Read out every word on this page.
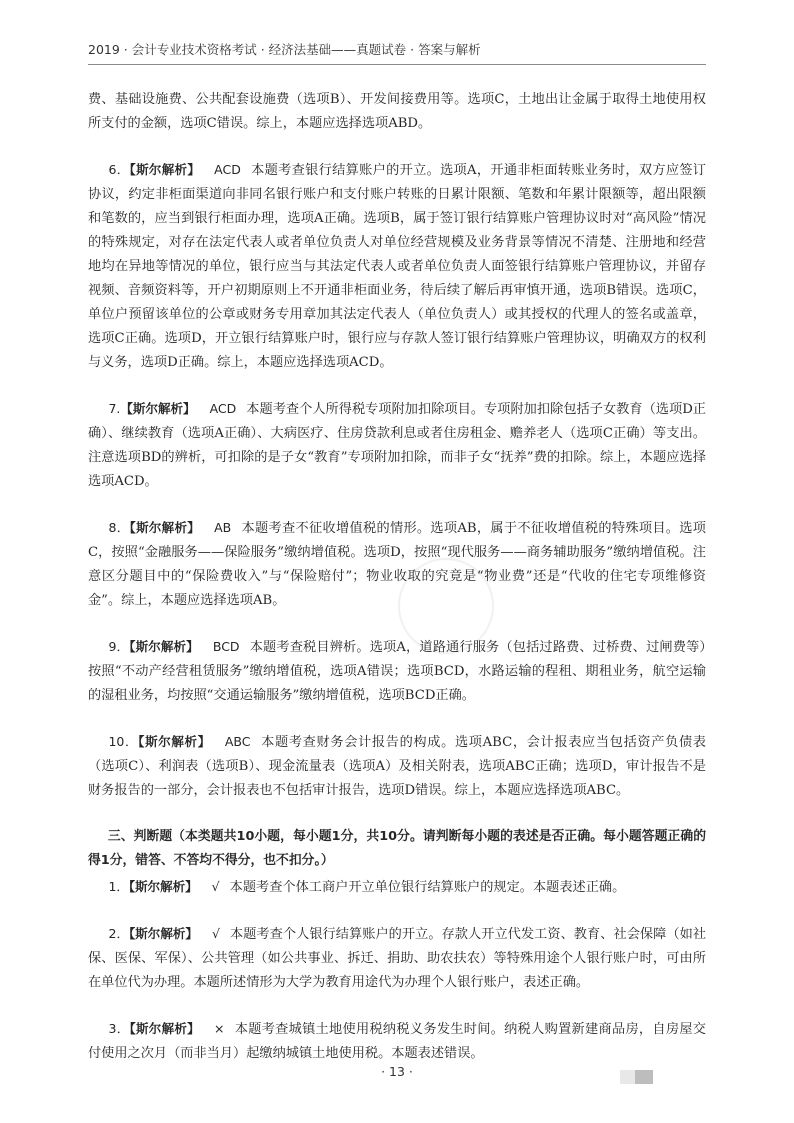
2019 · 会计专业技术资格考试 · 经济法基础——真题试卷 · 答案与解析

费、基础设施费、公共配套设施费（选项B）、开发间接费用等。选项C，土地出让金属于取得土地使用权所支付的金额，选项C错误。综上，本题应选择选项ABD。

6．【斯尔解析】 ACD 本题考查银行结算账户的开立。选项A，开通非柜面转账业务时，双方应签订协议，约定非柜面渠道向非同名银行账户和支付账户转账的日累计限额、笔数和年累计限额等，超出限额和笔数的，应当到银行柜面办理，选项A正确。选项B，属于签订银行结算账户管理协议时对“高风险”情况的特殊规定，对存在法定代表人或者单位负责人对单位经营规模及业务背景等情况不清楚、注册地和经营地均在异地等情况的单位，银行应当与其法定代表人或者单位负责人面签银行结算账户管理协议，并留存视频、音频资料等，开户初期原则上不开通非柜面业务，待后续了解后再审慎开通，选项B错误。选项C，单位户预留该单位的公章或财务专用章加其法定代表人（单位负责人）或其授权的代理人的签名或盖章，选项C正确。选项D，开立银行结算账户时，银行应与存款人签订银行结算账户管理协议，明确双方的权利与义务，选项D正确。综上，本题应选择选项ACD。

7.【斯尔解析】 ACD 本题考查个人所得税专项附加扣除项目。专项附加扣除包括子女教育（选项D正确）、继续教育（选项A正确）、大病医疗、住房贷款利息或者住房租金、赡养老人（选项C正确）等支出。注意选项BD的辨析，可扣除的是子女“教育”专项附加扣除，而非子女“抚养”费的扣除。综上，本题应选择选项ACD。

8．【斯尔解析】 AB 本题考查不征收增值税的情形。选项AB，属于不征收增值税的特殊项目。选项C，按照“金融服务——保险服务”缴纳增值税。选项D，按照“现代服务——商务辅助服务”缴纳增值税。注意区分题目中的“保险费收入”与“保险赔付”；物业收取的究竟是“物业费”还是“代收的住宅专项维修资金”。综上，本题应选择选项AB。

9．【斯尔解析】 BCD 本题考查税目辨析。选项A，道路通行服务（包括过路费、过桥费、过闸费等）按照“不动产经营租赁服务”缴纳增值税，选项A错误；选项BCD，水路运输的程租、期租业务，航空运输的湿租业务，均按照“交通运输服务”缴纳增值税，选项BCD正确。

10．【斯尔解析】 ABC 本题考查财务会计报告的构成。选项ABC，会计报表应当包括资产负债表（选项C）、利润表（选项B）、现金流量表（选项A）及相关附表，选项ABC正确；选项D，审计报告不是财务报告的一部分，会计报表也不包括审计报告，选项D错误。综上，本题应选择选项ABC。

三、判断题（本类题共10小题，每小题1分，共10分。请判断每小题的表述是否正确。每小题答题正确的得1分，错答、不答均不得分，也不扣分。）

1．【斯尔解析】 √ 本题考查个体工商户开立单位银行结算账户的规定。本题表述正确。

2．【斯尔解析】 √ 本题考查个人银行结算账户的开立。存款人开立代发工资、教育、社会保障（如社保、医保、军保）、公共管理（如公共事业、拆迁、捐助、助农扶农）等特殊用途个人银行账户时，可由所在单位代为办理。本题所述情形为大学为教育用途代为办理个人银行账户，表述正确。

3．【斯尔解析】 × 本题考查城镇土地使用税纳税义务发生时间。纳税人购置新建商品房，自房屋交付使用之次月（而非当月）起缴纳城镇土地使用税。本题表述错误。

· 13 ·
